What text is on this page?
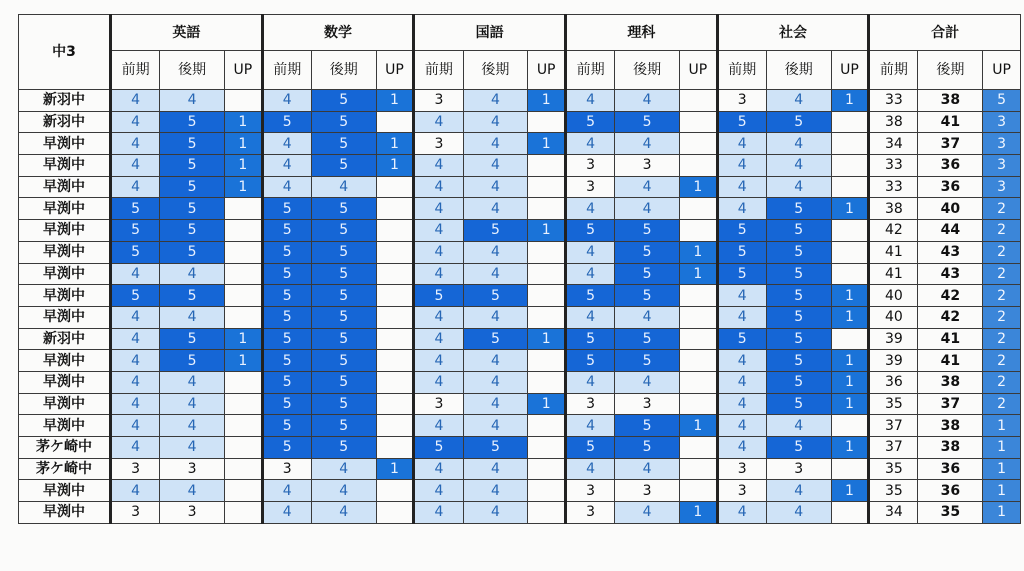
中3	英語			数学			国語			理科			社会			合計		
	前期	後期	UP	前期	後期	UP	前期	後期	UP	前期	後期	UP	前期	後期	UP	前期	後期	UP
新羽中	4	4		4	5	1	3	4	1	4	4		3	4	1	33	38	5
新羽中	4	5	1	5	5		4	4		5	5		5	5		38	41	3
早渕中	4	5	1	4	5	1	3	4	1	4	4		4	4		34	37	3
早渕中	4	5	1	4	5	1	4	4		3	3		4	4		33	36	3
早渕中	4	5	1	4	4		4	4		3	4	1	4	4		33	36	3
早渕中	5	5		5	5		4	4		4	4		4	5	1	38	40	2
早渕中	5	5		5	5		4	5	1	5	5		5	5		42	44	2
早渕中	5	5		5	5		4	4		4	5	1	5	5		41	43	2
早渕中	4	4		5	5		4	4		4	5	1	5	5		41	43	2
早渕中	5	5		5	5		5	5		5	5		4	5	1	40	42	2
早渕中	4	4		5	5		4	4		4	4		4	5	1	40	42	2
新羽中	4	5	1	5	5		4	5	1	5	5		5	5		39	41	2
早渕中	4	5	1	5	5		4	4		5	5		4	5	1	39	41	2
早渕中	4	4		5	5		4	4		4	4		4	5	1	36	38	2
早渕中	4	4		5	5		3	4	1	3	3		4	5	1	35	37	2
早渕中	4	4		5	5		4	4		4	5	1	4	4		37	38	1
茅ケ崎中	4	4		5	5		5	5		5	5		4	5	1	37	38	1
茅ケ崎中	3	3		3	4	1	4	4		4	4		3	3		35	36	1
早渕中	4	4		4	4		4	4		3	3		3	4	1	35	36	1
早渕中	3	3		4	4		4	4		3	4	1	4	4		34	35	1
